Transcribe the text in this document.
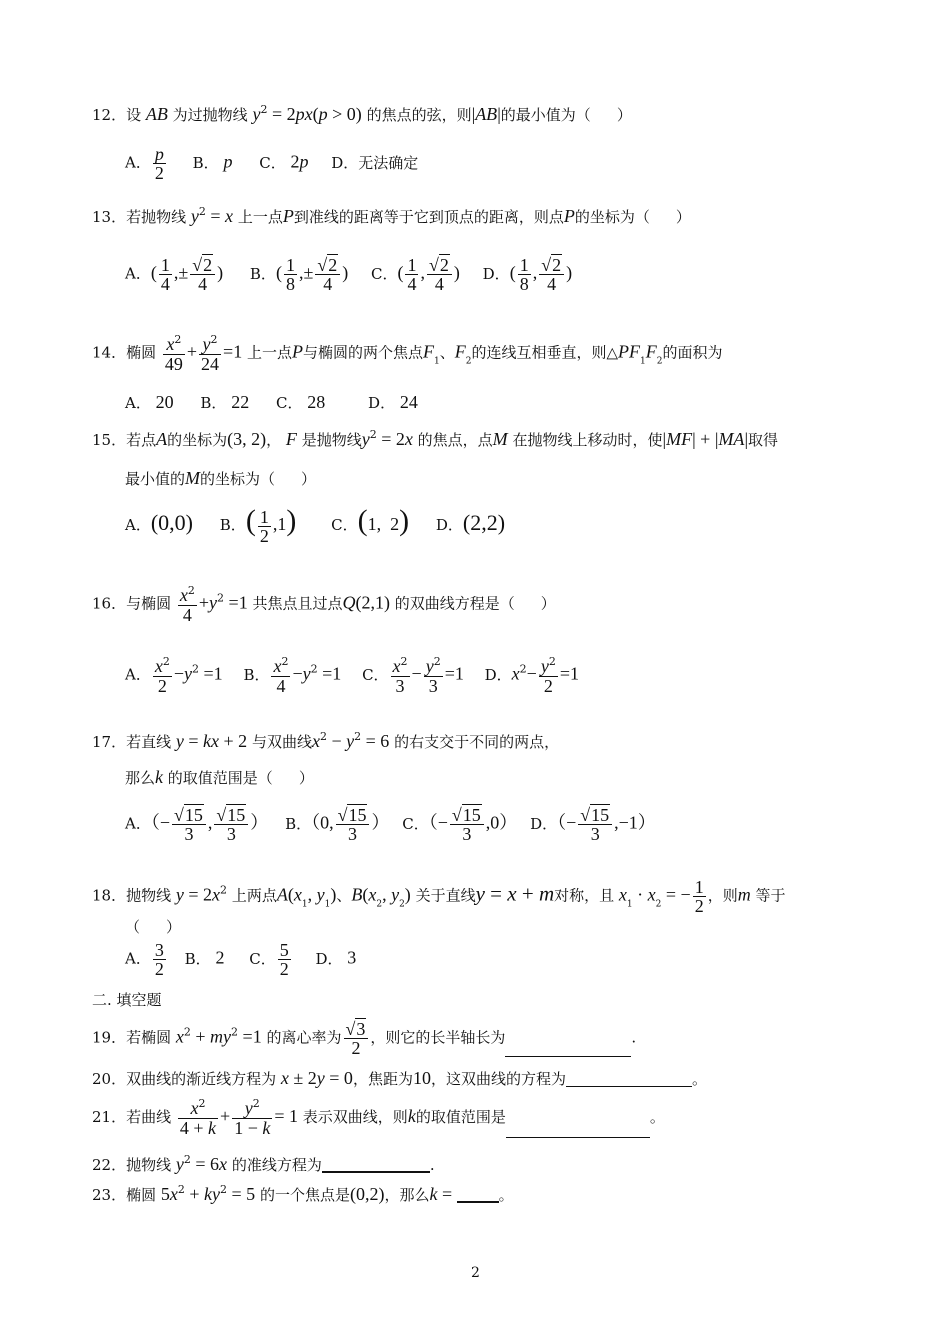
12．设 AB 为过抛物线 $y^2 = 2px(p > 0)$ 的焦点的弦，则|AB|的最小值为（ ）
A． $\frac{p}{2}$ B． p C． 2p D．无法确定
13．若抛物线 $y^2 = x$ 上一点P到准线的距离等于它到顶点的距离，则点P的坐标为（ ）
A．( $\frac{1}{4}$ ,± $\frac{√2}{4}$ ) B．( $\frac{1}{8}$ ,± $\frac{√2}{4}$ ) C．( $\frac{1}{4}$ , $\frac{√2}{4}$ ) D．( $\frac{1}{8}$ , $\frac{√2}{4}$ )
14．椭圆 $\frac{x^2}{49} + \frac{y^2}{24} =1$ 上一点P与椭圆的两个焦点$F_1$、$F_2$的连线互相垂直，则$\triangle PF_1F_2$的面积为
A． 20 B． 22 C． 28	D． 24
15．若点A的坐标为(3, 2)， F 是抛物线$y^2 = 2x$ 的焦点，点M 在抛物线上移动时，使|MF| + |MA|取得
最小值的M的坐标为（ ）
A．(0,0) B．( $\frac{1}{2} ,1$) C．(1,  2) D．(2,2)
16．与椭圆 $\frac{x^2}{4} +y^2 =1$ 共焦点且过点Q(2,1) 的双曲线方程是（ ）
A． $\frac{x^2}{2} -y^2 =1$ B． $\frac{x^2}{4} -y^2 =1$ C． $\frac{x^2}{3} - \frac{y^2}{3} =1$ D．$x^2- \frac{y^2}{2} =1$
17．若直线 y = kx + 2 与双曲线$x^2 - y^2 = 6$ 的右支交于不同的两点，
那么k 的取值范围是（ ）
A．（− $\frac{√15}{3}$ , $\frac{√15}{3}$ ） B．（0, $\frac{√15}{3}$ ） C．（− $\frac{√15}{3} ,0$） D．（− $\frac{√15}{3} ,-1$）
18．抛物线 $y = 2x^2$ 上两点$A(x_1$, $y_1$)、$B(x_2$, $y_2$) 关于直线y = x + m对称，且 $x_1 \cdot x_2$ = − $\frac{1}{2}$ ，则m 等于
（ ）
A． $\frac{3}{2}$ B． 2 C． $\frac{5}{2}$ D． 3
二. 填空题
19．若椭圆 $x^2 + my^2 =1$ 的离心率为 $\frac{√3}{2}$ ，则它的长半轴长为	.
20．双曲线的渐近线方程为 x ± 2y = 0，焦距为10，这双曲线的方程为	。
21．若曲线 $\frac{x^2}{4 + k} + \frac{y^2}{1 - k} = 1$ 表示双曲线，则k的取值范围是	。
22．抛物线 $y^2 = 6x$ 的准线方程为	.
23．椭圆 $5x^2 + ky^2 = 5$ 的一个焦点是(0,2)，那么k =	。
2
